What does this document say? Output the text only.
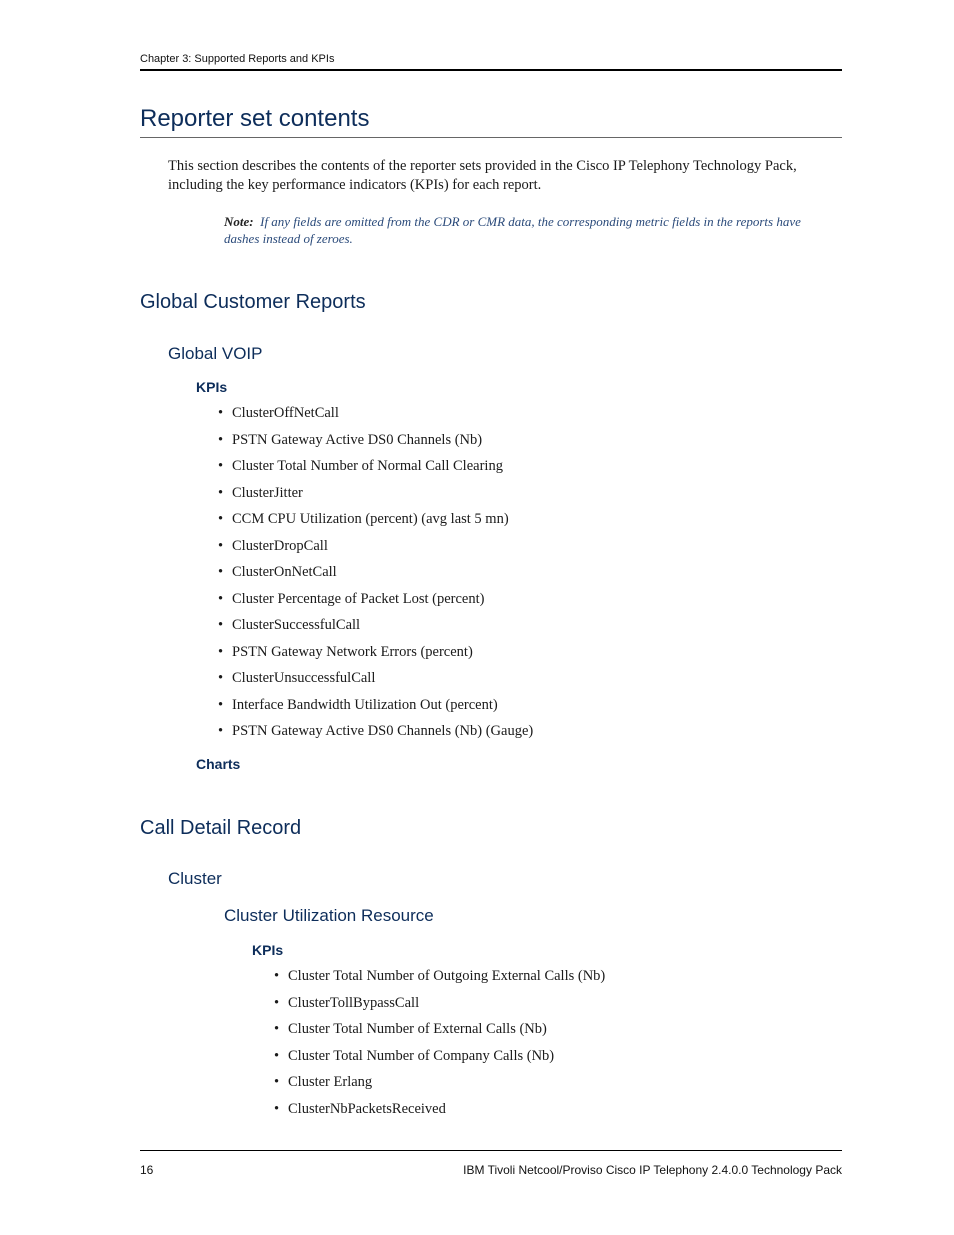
Chapter 3: Supported Reports and KPIs
Reporter set contents
This section describes the contents of the reporter sets provided in the Cisco IP Telephony Technology Pack, including the key performance indicators (KPIs) for each report.
Note: If any fields are omitted from the CDR or CMR data, the corresponding metric fields in the reports have dashes instead of zeroes.
Global Customer Reports
Global VOIP
KPIs
• ClusterOffNetCall
• PSTN Gateway Active DS0 Channels (Nb)
• Cluster Total Number of Normal Call Clearing
• ClusterJitter
• CCM CPU Utilization (percent) (avg last 5 mn)
• ClusterDropCall
• ClusterOnNetCall
• Cluster Percentage of Packet Lost (percent)
• ClusterSuccessfulCall
• PSTN Gateway Network Errors (percent)
• ClusterUnsuccessfulCall
• Interface Bandwidth Utilization Out (percent)
• PSTN Gateway Active DS0 Channels (Nb) (Gauge)
Charts
Call Detail Record
Cluster
Cluster Utilization Resource
KPIs
• Cluster Total Number of Outgoing External Calls (Nb)
• ClusterTollBypassCall
• Cluster Total Number of External Calls (Nb)
• Cluster Total Number of Company Calls (Nb)
• Cluster Erlang
• ClusterNbPacketsReceived
16	IBM Tivoli Netcool/Proviso Cisco IP Telephony 2.4.0.0 Technology Pack
